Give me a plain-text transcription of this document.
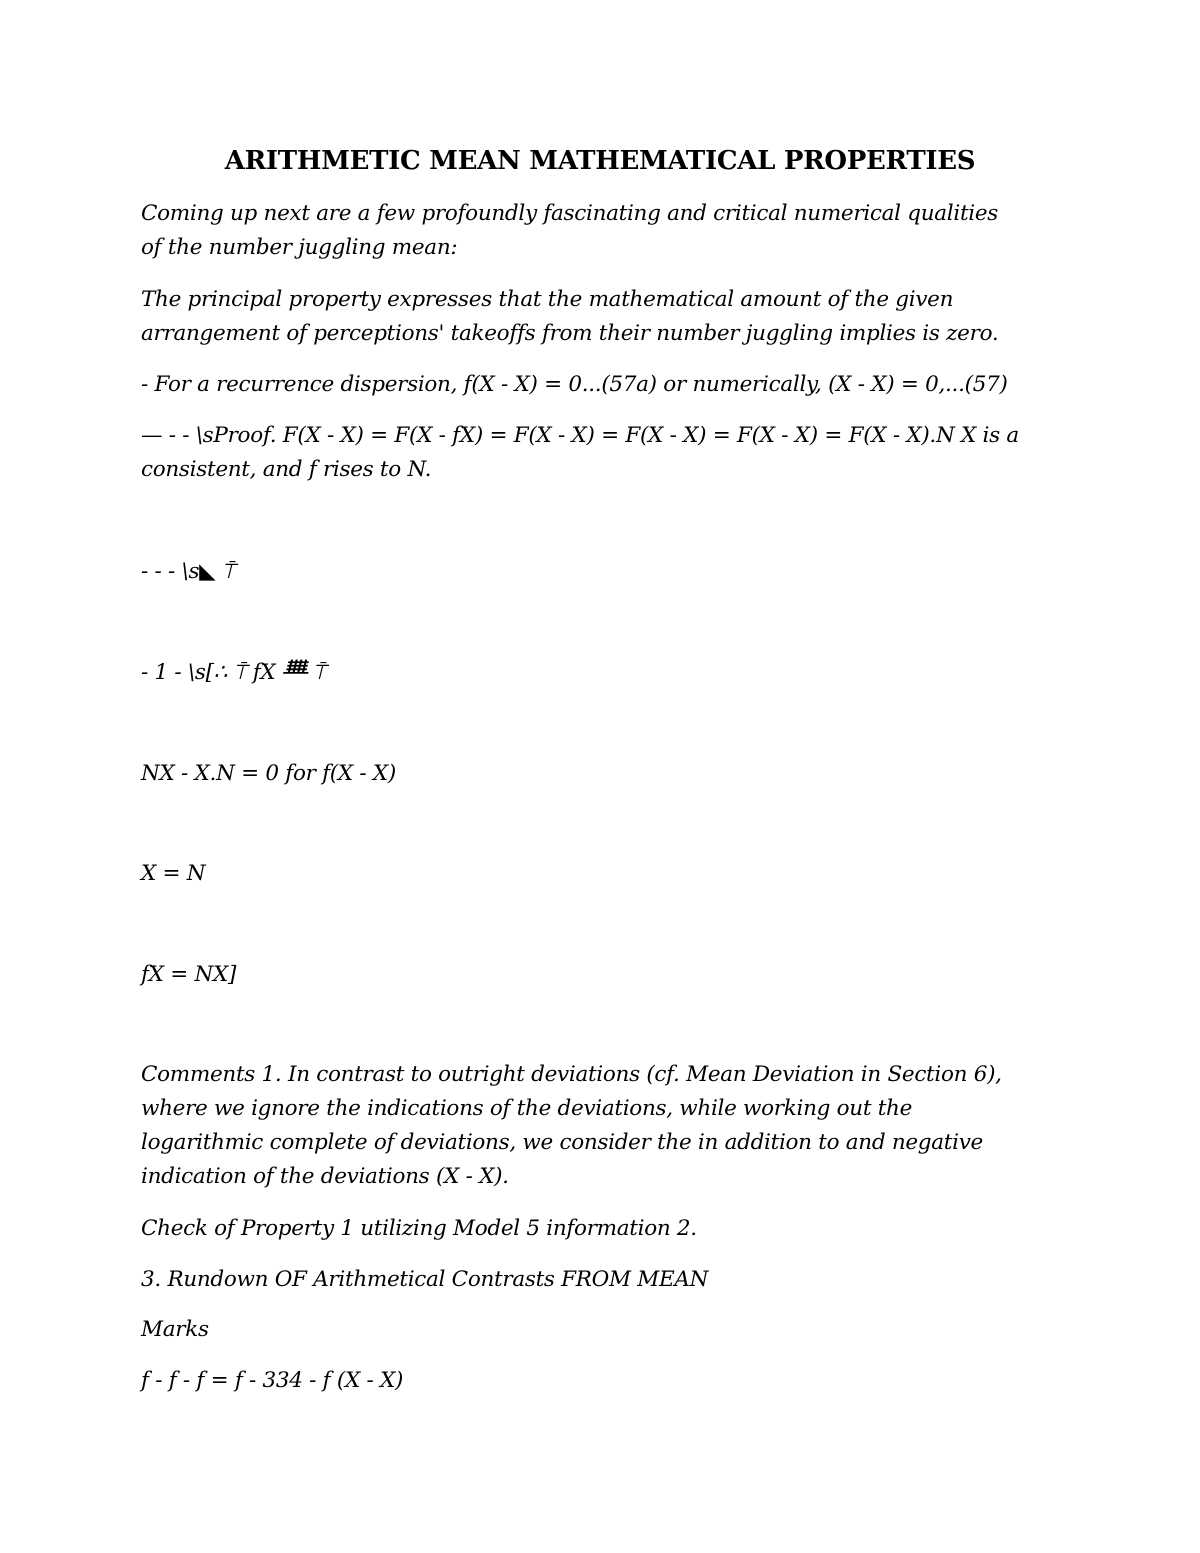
ARITHMETIC MEAN MATHEMATICAL PROPERTIES
Coming up next are a few profoundly fascinating and critical numerical qualities
of the number juggling mean:
The principal property expresses that the mathematical amount of the given
arrangement of perceptions' takeoffs from their number juggling implies is zero.
- For a recurrence dispersion, f(X - X) = 0...(57a) or numerically, (X - X) = 0,...(57)
— - - \sProof. F(X - X) = F(X - fX) = F(X - X) = F(X - X) = F(X - X) = F(X - X).N X is a
consistent, and f rises to N.
- - - \s◣ ⍑
- 1 - \s[∴ ⍑ fX ᚙ ⍑
NX - X.N = 0 for f(X - X)
X = N
fX = NX]
Comments 1. In contrast to outright deviations (cf. Mean Deviation in Section 6),
where we ignore the indications of the deviations, while working out the
logarithmic complete of deviations, we consider the in addition to and negative
indication of the deviations (X - X).
Check of Property 1 utilizing Model 5 information 2.
3. Rundown OF Arithmetical Contrasts FROM MEAN
Marks
f - f - f = f - 334 - f (X - X)
